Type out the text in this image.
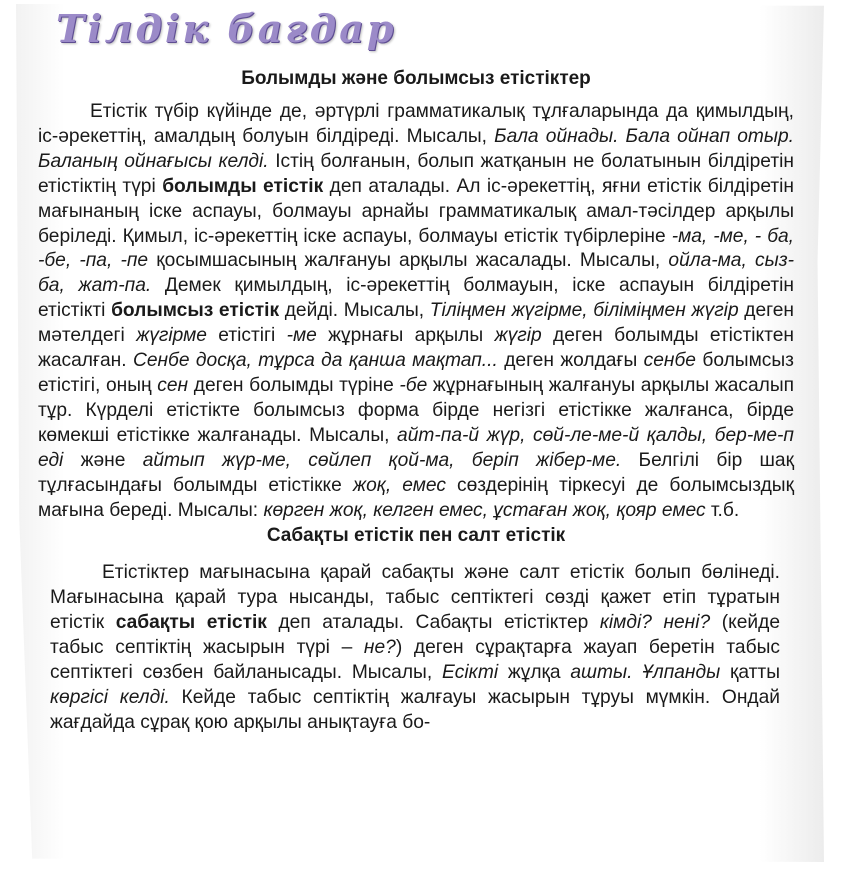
Тілдік бағдар
Болымды және болымсыз етістіктер

Етістік түбір күйінде де, әртүрлі грамматикалық тұлғаларында да қимылдың, іс-әрекеттің, амалдың болуын білдіреді. Мысалы, Бала ойнады. Бала ойнап отыр. Баланың ойнағысы келді. Істің болғанын, болып жатқанын не болатынын білдіретін етістіктің түрі болымды етістік деп аталады. Ал іс-әрекеттің, яғни етістік білдіретін мағынаның іске аспауы, болмауы арнайы грамматикалық амал-тәсілдер арқылы беріледі. Қимыл, іс-әрекеттің іске аспауы, болмауы етістік түбірлеріне -ма, -ме, - ба, -бе, -па, -пе қосымшасының жалғануы арқылы жасалады. Мысалы, ойла-ма, сыз-ба, жат-па. Демек қимылдың, іс-әрекеттің болмауын, іске аспауын білдіретін етістікті болымсыз етістік дейді. Мысалы, Тіліңмен жүгірме, біліміңмен жүгір деген мәтелдегі жүгірме етістігі -ме жұрнағы арқылы жүгір деген болымды етістіктен жасалған. Сенбе досқа, тұрса да қанша мақтап... деген жолдағы сенбе болымсыз етістігі, оның сен деген болымды түріне -бе жұрнағының жалғануы арқылы жасалып тұр. Күрделі етістікте болымсыз форма бірде негізгі етістікке жалғанса, бірде көмекші етістікке жалғанады. Мысалы, айт-па-й жүр, сөй-ле-ме-й қалды, бер-ме-п еді және айтып жүр-ме, сөйлеп қой-ма, беріп жібер-ме. Белгілі бір шақ тұлғасындағы болымды етістікке жоқ, емес сөздерінің тіркесуі де болымсыздық мағына береді. Мысалы: көрген жоқ, келген емес, ұстаған жоқ, қояр емес т.б.

Сабақты етістік пен салт етістік

Етістіктер мағынасына қарай сабақты және салт етістік болып бөлінеді. Мағынасына қарай тура нысанды, табыс септіктегі сөзді қажет етіп тұратын етістік сабақты етістік деп аталады. Сабақты етістіктер кімді? нені? (кейде табыс септіктің жасырын түрі – не?) деген сұрақтарға жауап беретін табыс септіктегі сөзбен байланысады. Мысалы, Есікті жұлқа ашты. Ұлпанды қатты көргісі келді. Кейде табыс септіктің жалғауы жасырын тұруы мүмкін. Ондай жағдайда сұрақ қою арқылы анықтауға бо-
